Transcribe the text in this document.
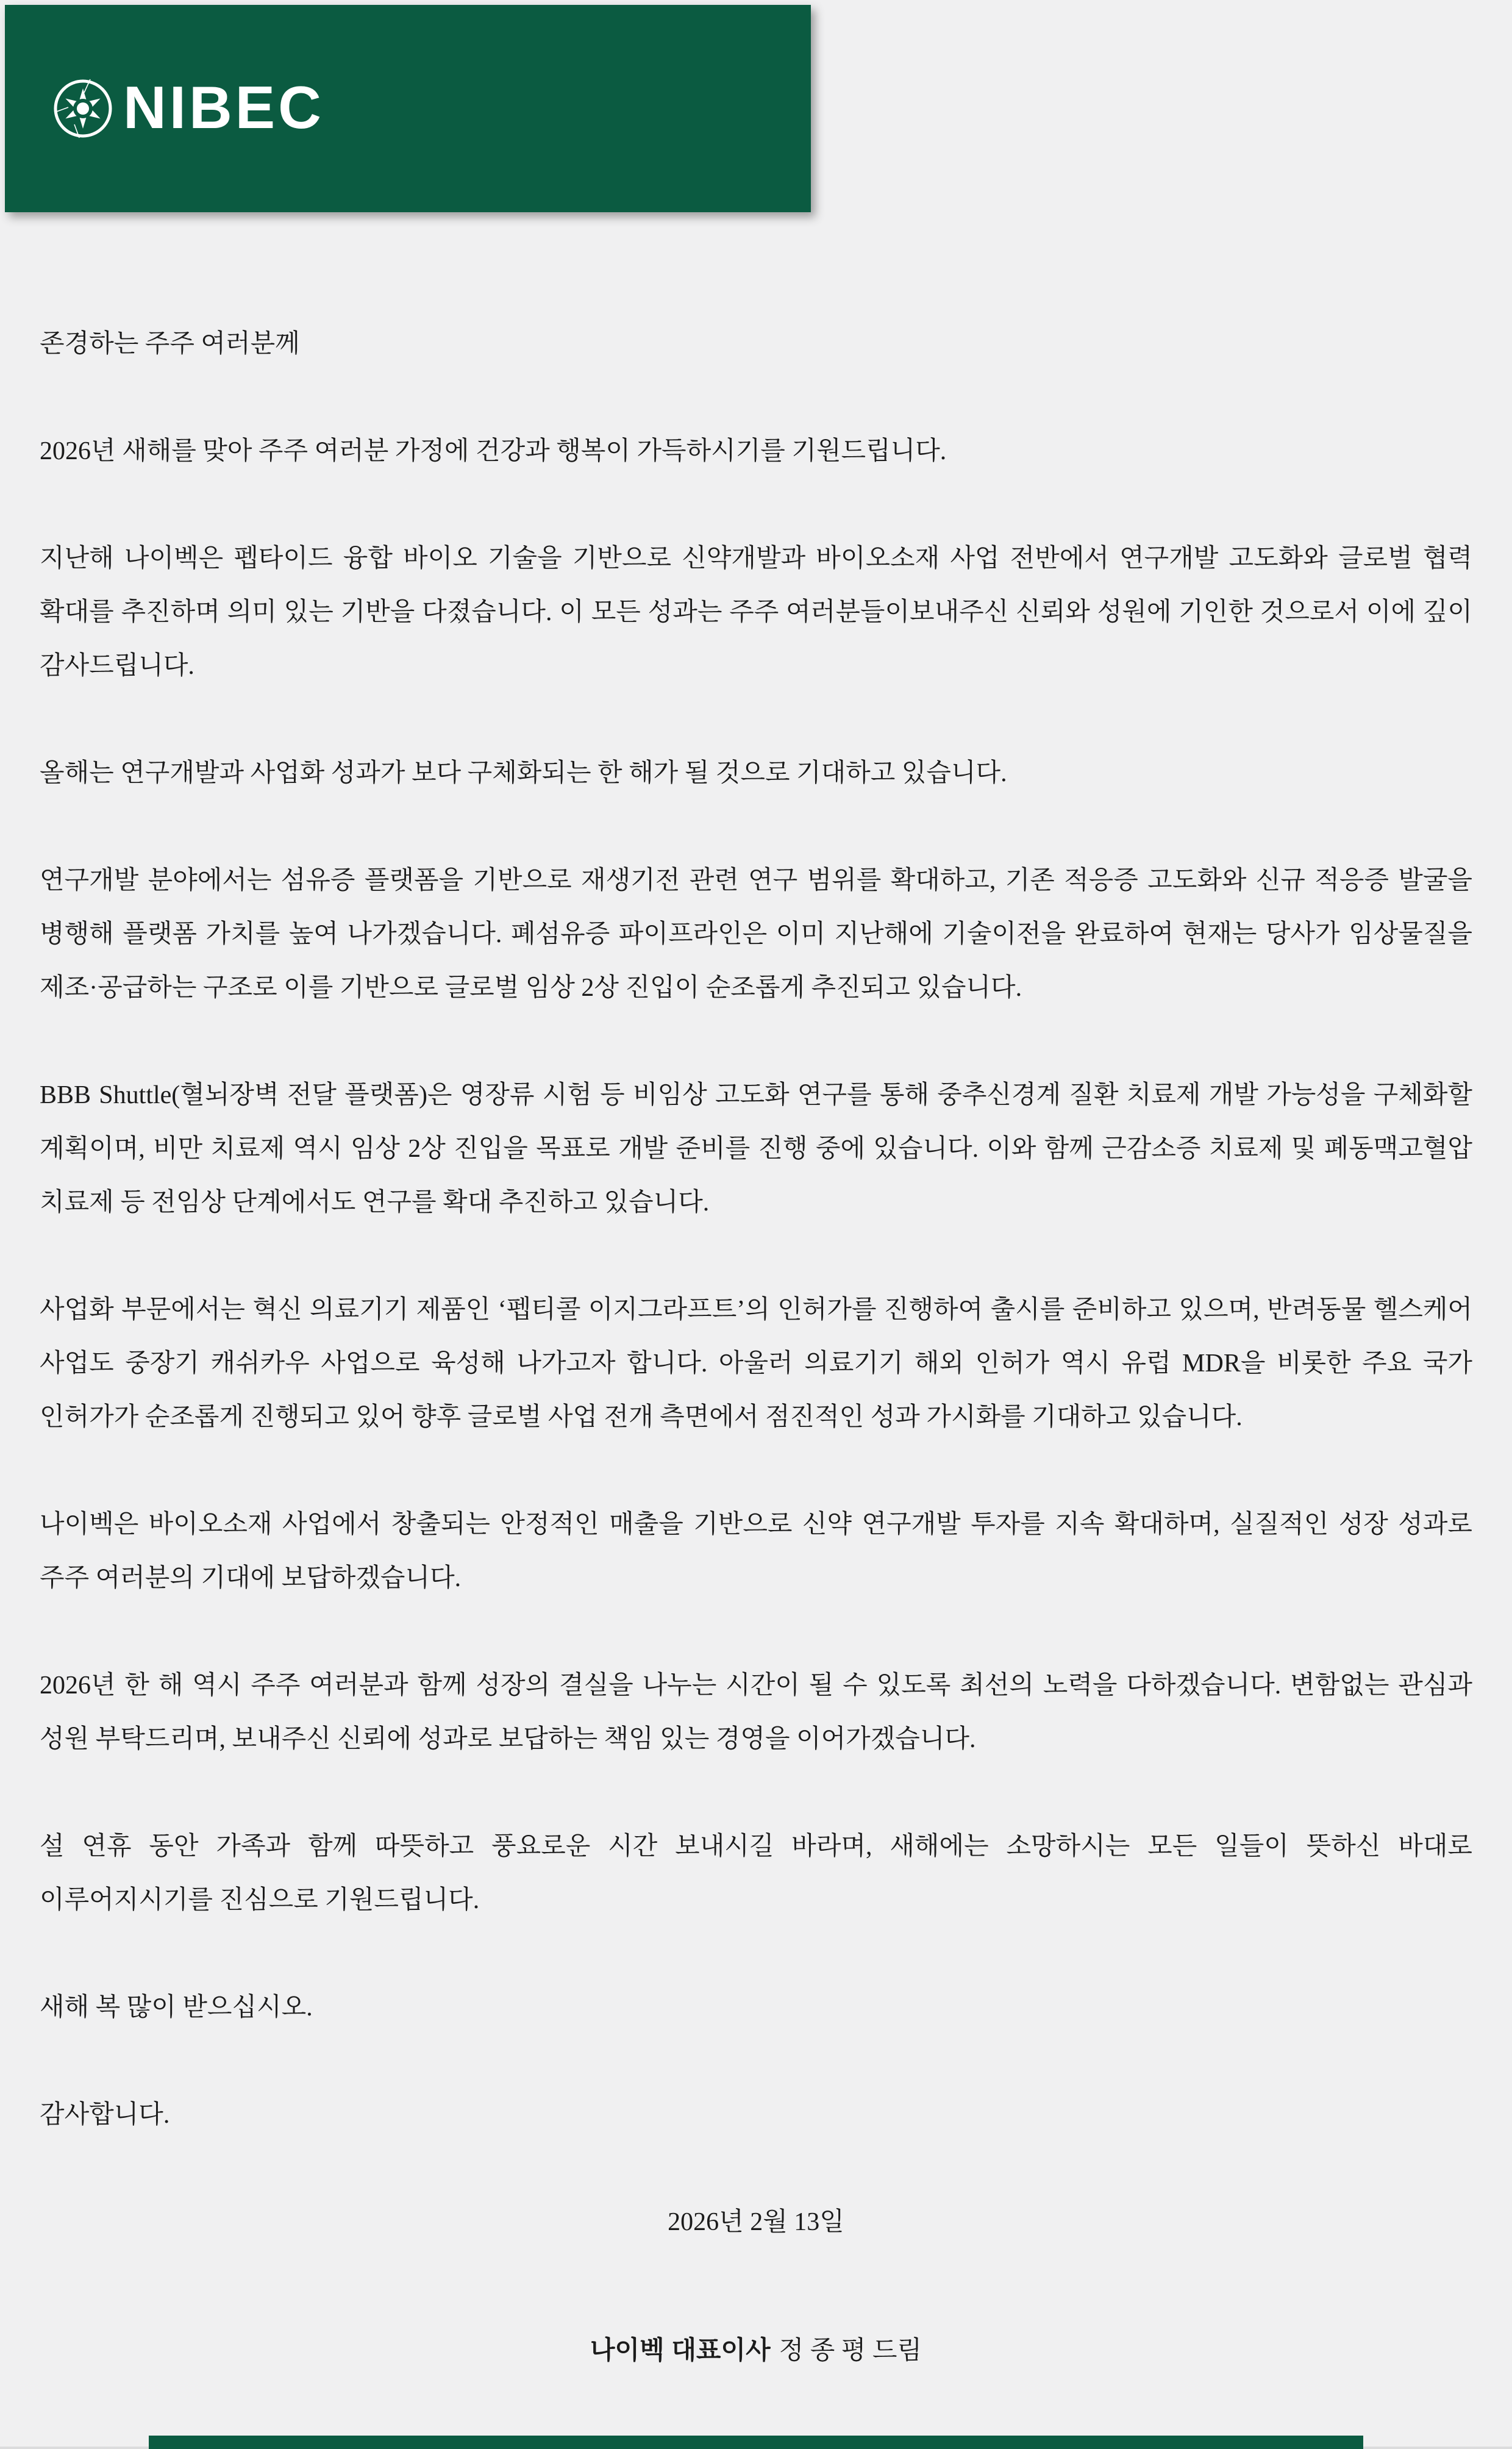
NIBEC

존경하는 주주 여러분께

2026년 새해를 맞아 주주 여러분 가정에 건강과 행복이 가득하시기를 기원드립니다.

지난해 나이벡은 펩타이드 융합 바이오 기술을 기반으로 신약개발과 바이오소재 사업 전반에서 연구개발 고도화와 글로벌 협력 확대를 추진하며 의미 있는 기반을 다졌습니다. 이 모든 성과는 주주 여러분들이보내주신 신뢰와 성원에 기인한 것으로서 이에 깊이 감사드립니다.

올해는 연구개발과 사업화 성과가 보다 구체화되는 한 해가 될 것으로 기대하고 있습니다.

연구개발 분야에서는 섬유증 플랫폼을 기반으로 재생기전 관련 연구 범위를 확대하고, 기존 적응증 고도화와 신규 적응증 발굴을 병행해 플랫폼 가치를 높여 나가겠습니다. 폐섬유증 파이프라인은 이미 지난해에 기술이전을 완료하여 현재는 당사가 임상물질을 제조·공급하는 구조로 이를 기반으로 글로벌 임상 2상 진입이 순조롭게 추진되고 있습니다.

BBB Shuttle(혈뇌장벽 전달 플랫폼)은 영장류 시험 등 비임상 고도화 연구를 통해 중추신경계 질환 치료제 개발 가능성을 구체화할 계획이며, 비만 치료제 역시 임상 2상 진입을 목표로 개발 준비를 진행 중에 있습니다. 이와 함께 근감소증 치료제 및 폐동맥고혈압 치료제 등 전임상 단계에서도 연구를 확대 추진하고 있습니다.

사업화 부문에서는 혁신 의료기기 제품인 ‘펩티콜 이지그라프트’의 인허가를 진행하여 출시를 준비하고 있으며, 반려동물 헬스케어 사업도 중장기 캐쉬카우 사업으로 육성해 나가고자 합니다. 아울러 의료기기 해외 인허가 역시 유럽 MDR을 비롯한 주요 국가 인허가가 순조롭게 진행되고 있어 향후 글로벌 사업 전개 측면에서 점진적인 성과 가시화를 기대하고 있습니다.

나이벡은 바이오소재 사업에서 창출되는 안정적인 매출을 기반으로 신약 연구개발 투자를 지속 확대하며, 실질적인 성장 성과로 주주 여러분의 기대에 보답하겠습니다.

2026년 한 해 역시 주주 여러분과 함께 성장의 결실을 나누는 시간이 될 수 있도록 최선의 노력을 다하겠습니다. 변함없는 관심과 성원 부탁드리며, 보내주신 신뢰에 성과로 보답하는 책임 있는 경영을 이어가겠습니다.

설 연휴 동안 가족과 함께 따뜻하고 풍요로운 시간 보내시길 바라며, 새해에는 소망하시는 모든 일들이 뜻하신 바대로 이루어지시기를 진심으로 기원드립니다.

새해 복 많이 받으십시오.

감사합니다.

2026년 2월 13일

나이벡 대표이사 정 종 평 드림
